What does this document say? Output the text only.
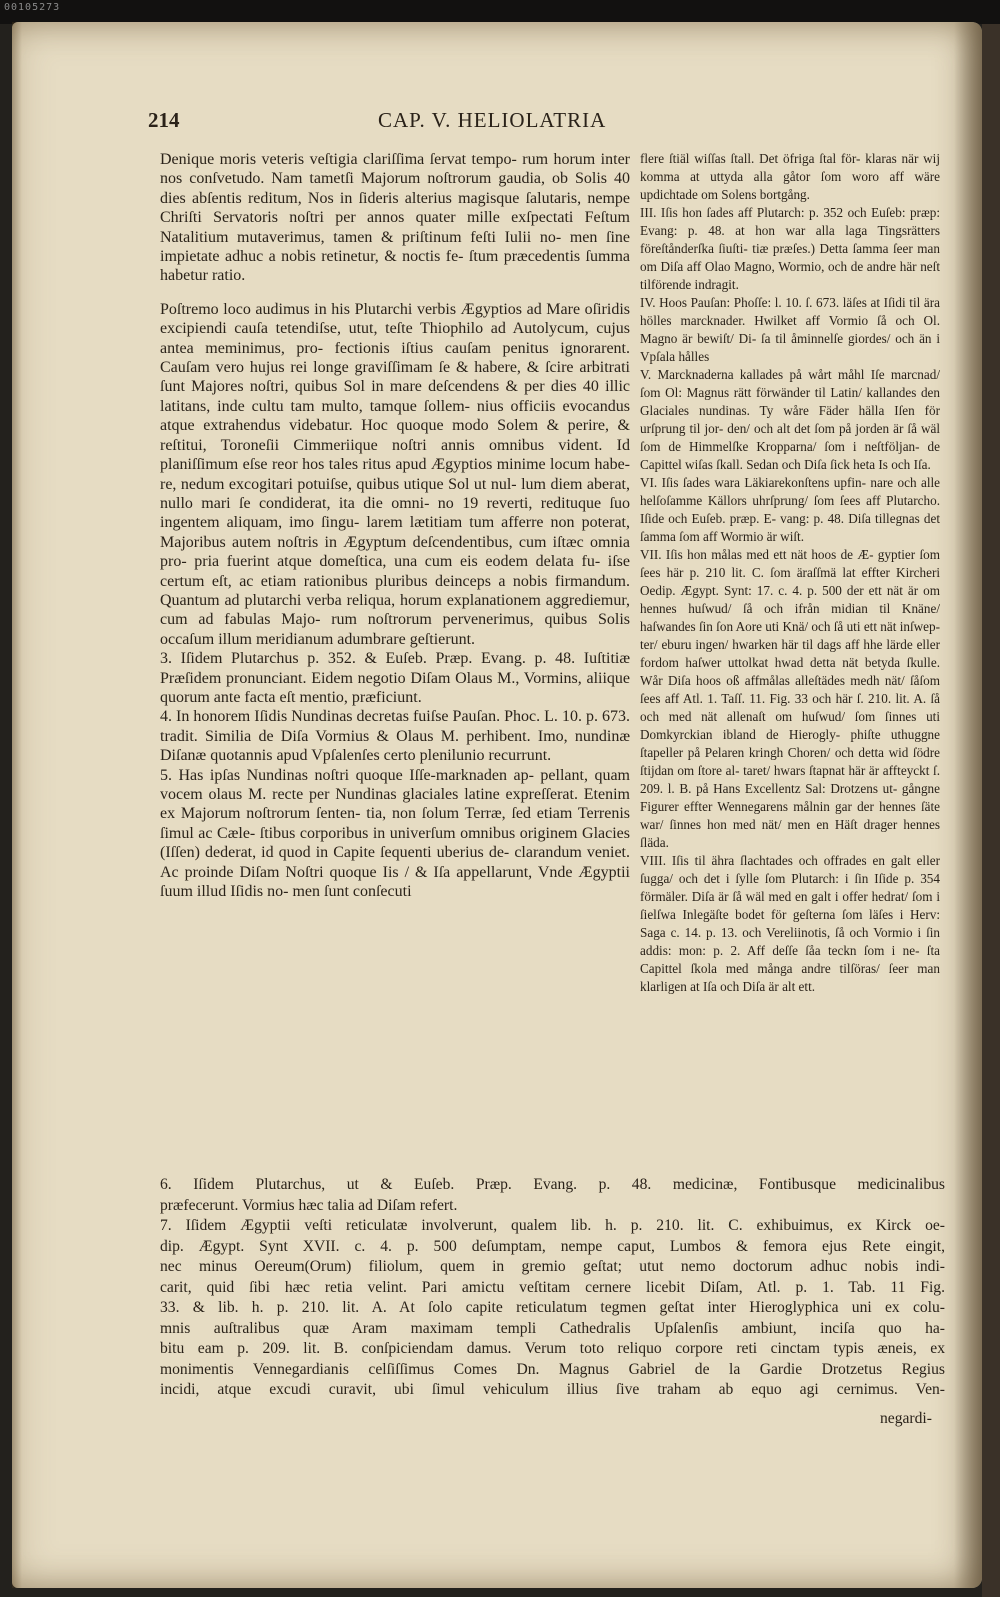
00105273
214	CAP. V. HELIOLATRIA

Denique moris veteris veſtigia clariſſima ſervat tempo- rum horum inter nos conſvetudo. Nam tametſi Majorum noſtrorum gaudia, ob Solis 40 dies abſentis reditum, Nos in ſideris alterius magisque ſalutaris, nempe Chriſti Servatoris noſtri per annos quater mille exſpectati Feſtum Natalitium mutaverimus, tamen & priſtinum feſti Iulii no- men ſine impietate adhuc a nobis retinetur, & noctis fe- ſtum præcedentis ſumma habetur ratio.

Poſtremo loco audimus in his Plutarchi verbis Ægyptios ad Mare oſiridis excipiendi cauſa tetendiſse, utut, teſte Thiophilo ad Autolycum, cujus antea meminimus, pro- fectionis iſtius cauſam penitus ignorarent. Cauſam vero hujus rei longe graviſſimam ſe & habere, & ſcire arbitrati ſunt Majores noſtri, quibus Sol in mare deſcendens & per dies 40 illic latitans, inde cultu tam multo, tamque ſollem- nius officiis evocandus atque extrahendus videbatur. Hoc quoque modo Solem & perire, & reſtitui, Toroneſii Cimmeriique noſtri annis omnibus vident. Id planiſſimum eſse reor hos tales ritus apud Ægyptios minime locum habe- re, nedum excogitari potuiſse, quibus utique Sol ut nul- lum diem aberat, nullo mari ſe condiderat, ita die omni- no 19 reverti, redituque ſuo ingentem aliquam, imo ſingu- larem lætitiam tum afferre non poterat, Majoribus autem noſtris in Ægyptum deſcendentibus, cum iſtæc omnia pro- pria fuerint atque domeſtica, una cum eis eodem delata fu- iſse certum eſt, ac etiam rationibus pluribus deinceps a nobis firmandum. Quantum ad plutarchi verba reliqua, horum explanationem aggrediemur, cum ad fabulas Majo- rum noſtrorum pervenerimus, quibus Solis occaſum illum meridianum adumbrare geſtierunt.

3. Iſidem Plutarchus p. 352. & Euſeb. Præp. Evang. p. 48. Iuſtitiæ Præſidem pronunciant. Eidem negotio Diſam Olaus M., Vormins, aliique quorum ante facta eſt mentio, præficiunt.

4. In honorem Iſidis Nundinas decretas fuiſse Pauſan. Phoc. L. 10. p. 673. tradit. Similia de Diſa Vormius & Olaus M. perhibent. Imo, nundinæ Diſanæ quotannis apud Vpſalenſes certo plenilunio recurrunt.

5. Has ipſas Nundinas noſtri quoque Iſſe-marknaden ap- pellant, quam vocem olaus M. recte per Nundinas glaciales latine expreſſerat. Etenim ex Majorum noſtrorum ſenten- tia, non ſolum Terræ, ſed etiam Terrenis ſimul ac Cæle- ſtibus corporibus in univerſum omnibus originem Glacies (Iſſen) dederat, id quod in Capite ſequenti uberius de- clarandum veniet. Ac proinde Diſam Noſtri quoque Iis / & Iſa appellarunt, Vnde Ægyptii ſuum illud Iſidis no- men ſunt conſecuti

flere ſtiäl wiſſas ſtall. Det öfriga ſtal för- klaras när wij komma at uttyda alla gåtor ſom woro aff wäre updichtade om Solens bortgång.

III. Iſis hon ſades aff Plutarch: p. 352 och Euſeb: præp: Evang: p. 48. at hon war alla laga Tingsrätters föreſtånderſka ſiuſti- tiæ præſes.) Detta ſamma ſeer man om Diſa aff Olao Magno, Wormio, och de andre här neſt tilförende indragit.

IV. Hoos Pauſan: Phoſſe: l. 10. ſ. 673. läſes at Iſidi til ära hölles marcknader. Hwilket aff Vormio ſå och Ol. Magno är bewiſt/ Di- ſa til åminnelſe giordes/ och än i Vpſala hålles

V. Marcknaderna kallades på wårt måhl Iſe marcnad/ ſom Ol: Magnus rätt förwänder til Latin/ kallandes den Glaciales nundinas. Ty wåre Fäder hälla Iſen för urſprung til jor- den/ och alt det ſom på jorden är ſå wäl ſom de Himmelſke Kropparna/ ſom i neſtföljan- de Capittel wiſas ſkall. Sedan och Diſa ſick heta Is och Iſa.

VI. Iſis ſades wara Läkiarekonſtens upfin- nare och alle helſoſamme Källors uhrſprung/ ſom ſees aff Plutarcho. Iſide och Euſeb. præp. E- vang: p. 48. Diſa tillegnas det ſamma ſom aff Wormio är wiſt.

VII. Iſis hon målas med ett nät hoos de Æ- gyptier ſom ſees här p. 210 lit. C. ſom äraſſmä lat effter Kircheri Oedip. Ægypt. Synt: 17. c. 4. p. 500 der ett nät är om hennes huſwud/ ſå och ifrån midian til Knäne/ haſwandes ſin ſon Aore uti Knä/ och ſå uti ett nät inſwep- ter/ eburu ingen/ hwarken här til dags aff hhe lärde eller fordom haſwer uttolkat hwad detta nät betyda ſkulle. Wår Diſa hoos oß affmålas alleſtädes medh nät/ ſåſom ſees aff Atl. 1. Taſſ. 11. Fig. 33 och här ſ. 210. lit. A. ſå och med nät allenaſt om huſwud/ ſom ſinnes uti Domkyrckian ibland de Hierogly- phiſte uthuggne ſtapeller på Pelaren kringh Choren/ och detta wid ſödre ſtijdan om ſtore al- taret/ hwars ſtapnat här är affteyckt ſ. 209. l. B. på Hans Excellentz Sal: Drotzens ut- gångne Figurer effter Wennegarens målnin gar der hennes ſäte war/ ſinnes hon med nät/ men en Häſt drager hennes ſläda.

VIII. Iſis til ähra ſlachtades och offrades en galt eller ſugga/ och det i ſylle ſom Plutarch: i ſin Iſide p. 354 förmäler. Diſa är ſå wäl med en galt i offer hedrat/ ſom i ſielſwa Inlegäſte bodet för geſterna ſom läſes i Herv: Saga c. 14. p. 13. och Vereliinotis, ſå och Vormio i ſin addis: mon: p. 2. Aff deſſe ſåa teckn ſom i ne- ſta Capittel ſkola med många andre tilſöras/ ſeer man klarligen at Iſa och Diſa är alt ett.

6. Iſidem Plutarchus, ut & Euſeb. Præp. Evang. p. 48. medicinæ, Fontibusque medicinalibus

præfecerunt. Vormius hæc talia ad Diſam refert.

7. Iſidem Ægyptii veſti reticulatæ involverunt, qualem lib. h. p. 210. lit. C. exhibuimus, ex Kirck oe-

dip. Ægypt. Synt XVII. c. 4. p. 500 deſumptam, nempe caput, Lumbos & femora ejus Rete eingit,

nec minus Oereum(Orum) filiolum, quem in gremio geſtat; utut nemo doctorum adhuc nobis indi-

carit, quid ſibi hæc retia velint. Pari amictu veſtitam cernere licebit Diſam, Atl. p. 1. Tab. 11 Fig.

33. & lib. h. p. 210. lit. A. At ſolo capite reticulatum tegmen geſtat inter Hieroglyphica uni ex colu-

mnis auſtralibus quæ Aram maximam templi Cathedralis Upſalenſis ambiunt, inciſa quo ha-

bitu eam p. 209. lit. B. conſpiciendam damus. Verum toto reliquo corpore reti cinctam typis æneis, ex

monimentis Vennegardianis celſiſſimus Comes Dn. Magnus Gabriel de la Gardie Drotzetus Regius

incidi, atque excudi curavit, ubi ſimul vehiculum illius ſive traham ab equo agi cernimus. Ven-

negardi-
